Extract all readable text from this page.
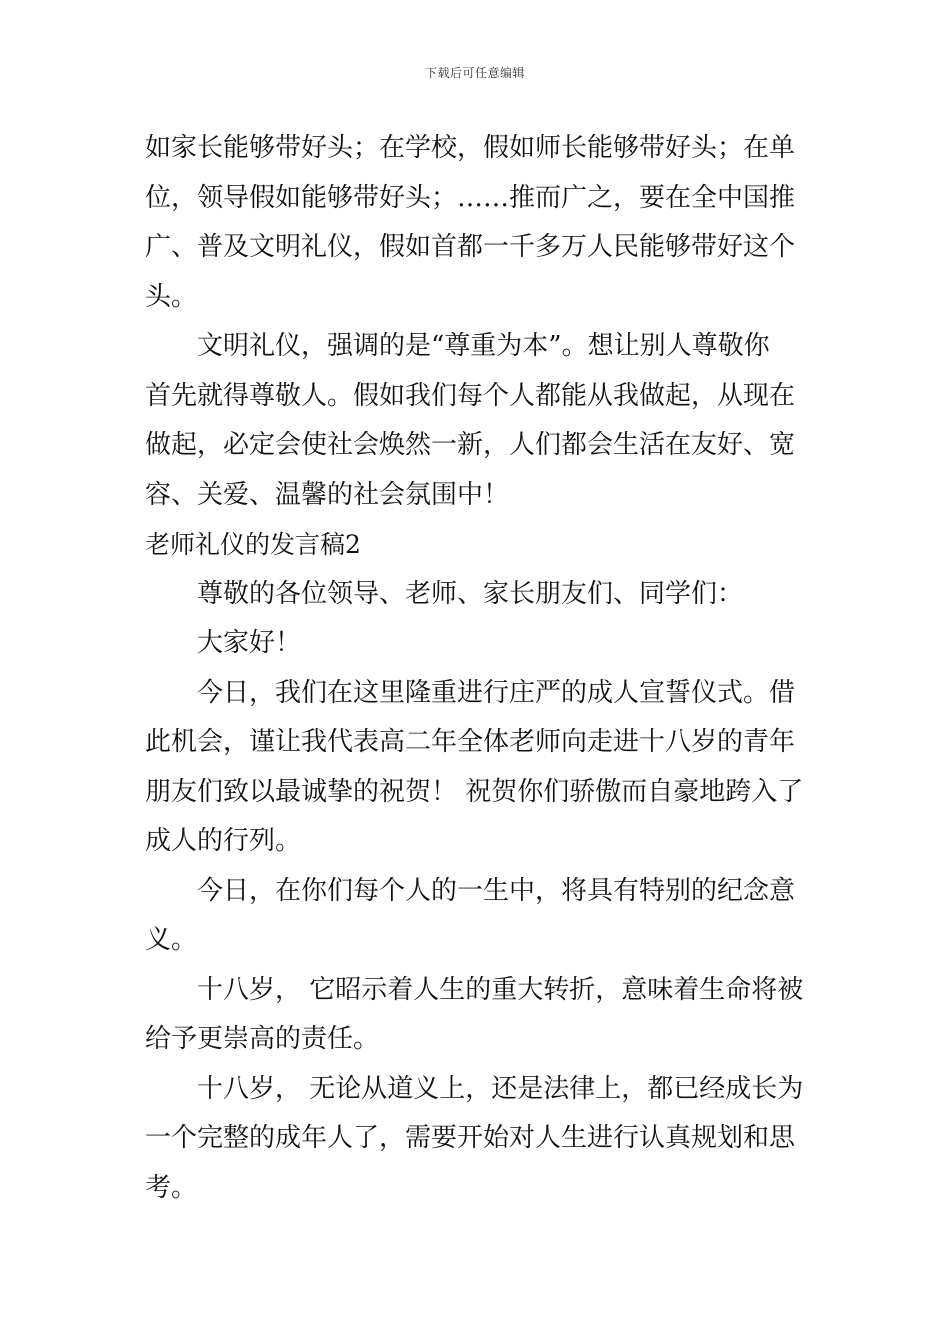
下载后可任意编辑
如家长能够带好头；在学校，假如师长能够带好头；在单
位，领导假如能够带好头；……推而广之，要在全中国推
广、普及文明礼仪，假如首都一千多万人民能够带好这个
头。
文明礼仪，强调的是“尊重为本”。想让别人尊敬你
首先就得尊敬人。假如我们每个人都能从我做起，从现在
做起，必定会使社会焕然一新，人们都会生活在友好、宽
容、关爱、温馨的社会氛围中！
老师礼仪的发言稿2
尊敬的各位领导、老师、家长朋友们、同学们：
大家好！
今日，我们在这里隆重进行庄严的成人宣誓仪式。借
此机会，谨让我代表高二年全体老师向走进十八岁的青年
朋友们致以最诚挚的祝贺！ 祝贺你们骄傲而自豪地跨入了
成人的行列。
今日，在你们每个人的一生中，将具有特别的纪念意
义。
十八岁， 它昭示着人生的重大转折，意味着生命将被
给予更崇高的责任。
十八岁， 无论从道义上，还是法律上，都已经成长为
一个完整的成年人了，需要开始对人生进行认真规划和思
考。
